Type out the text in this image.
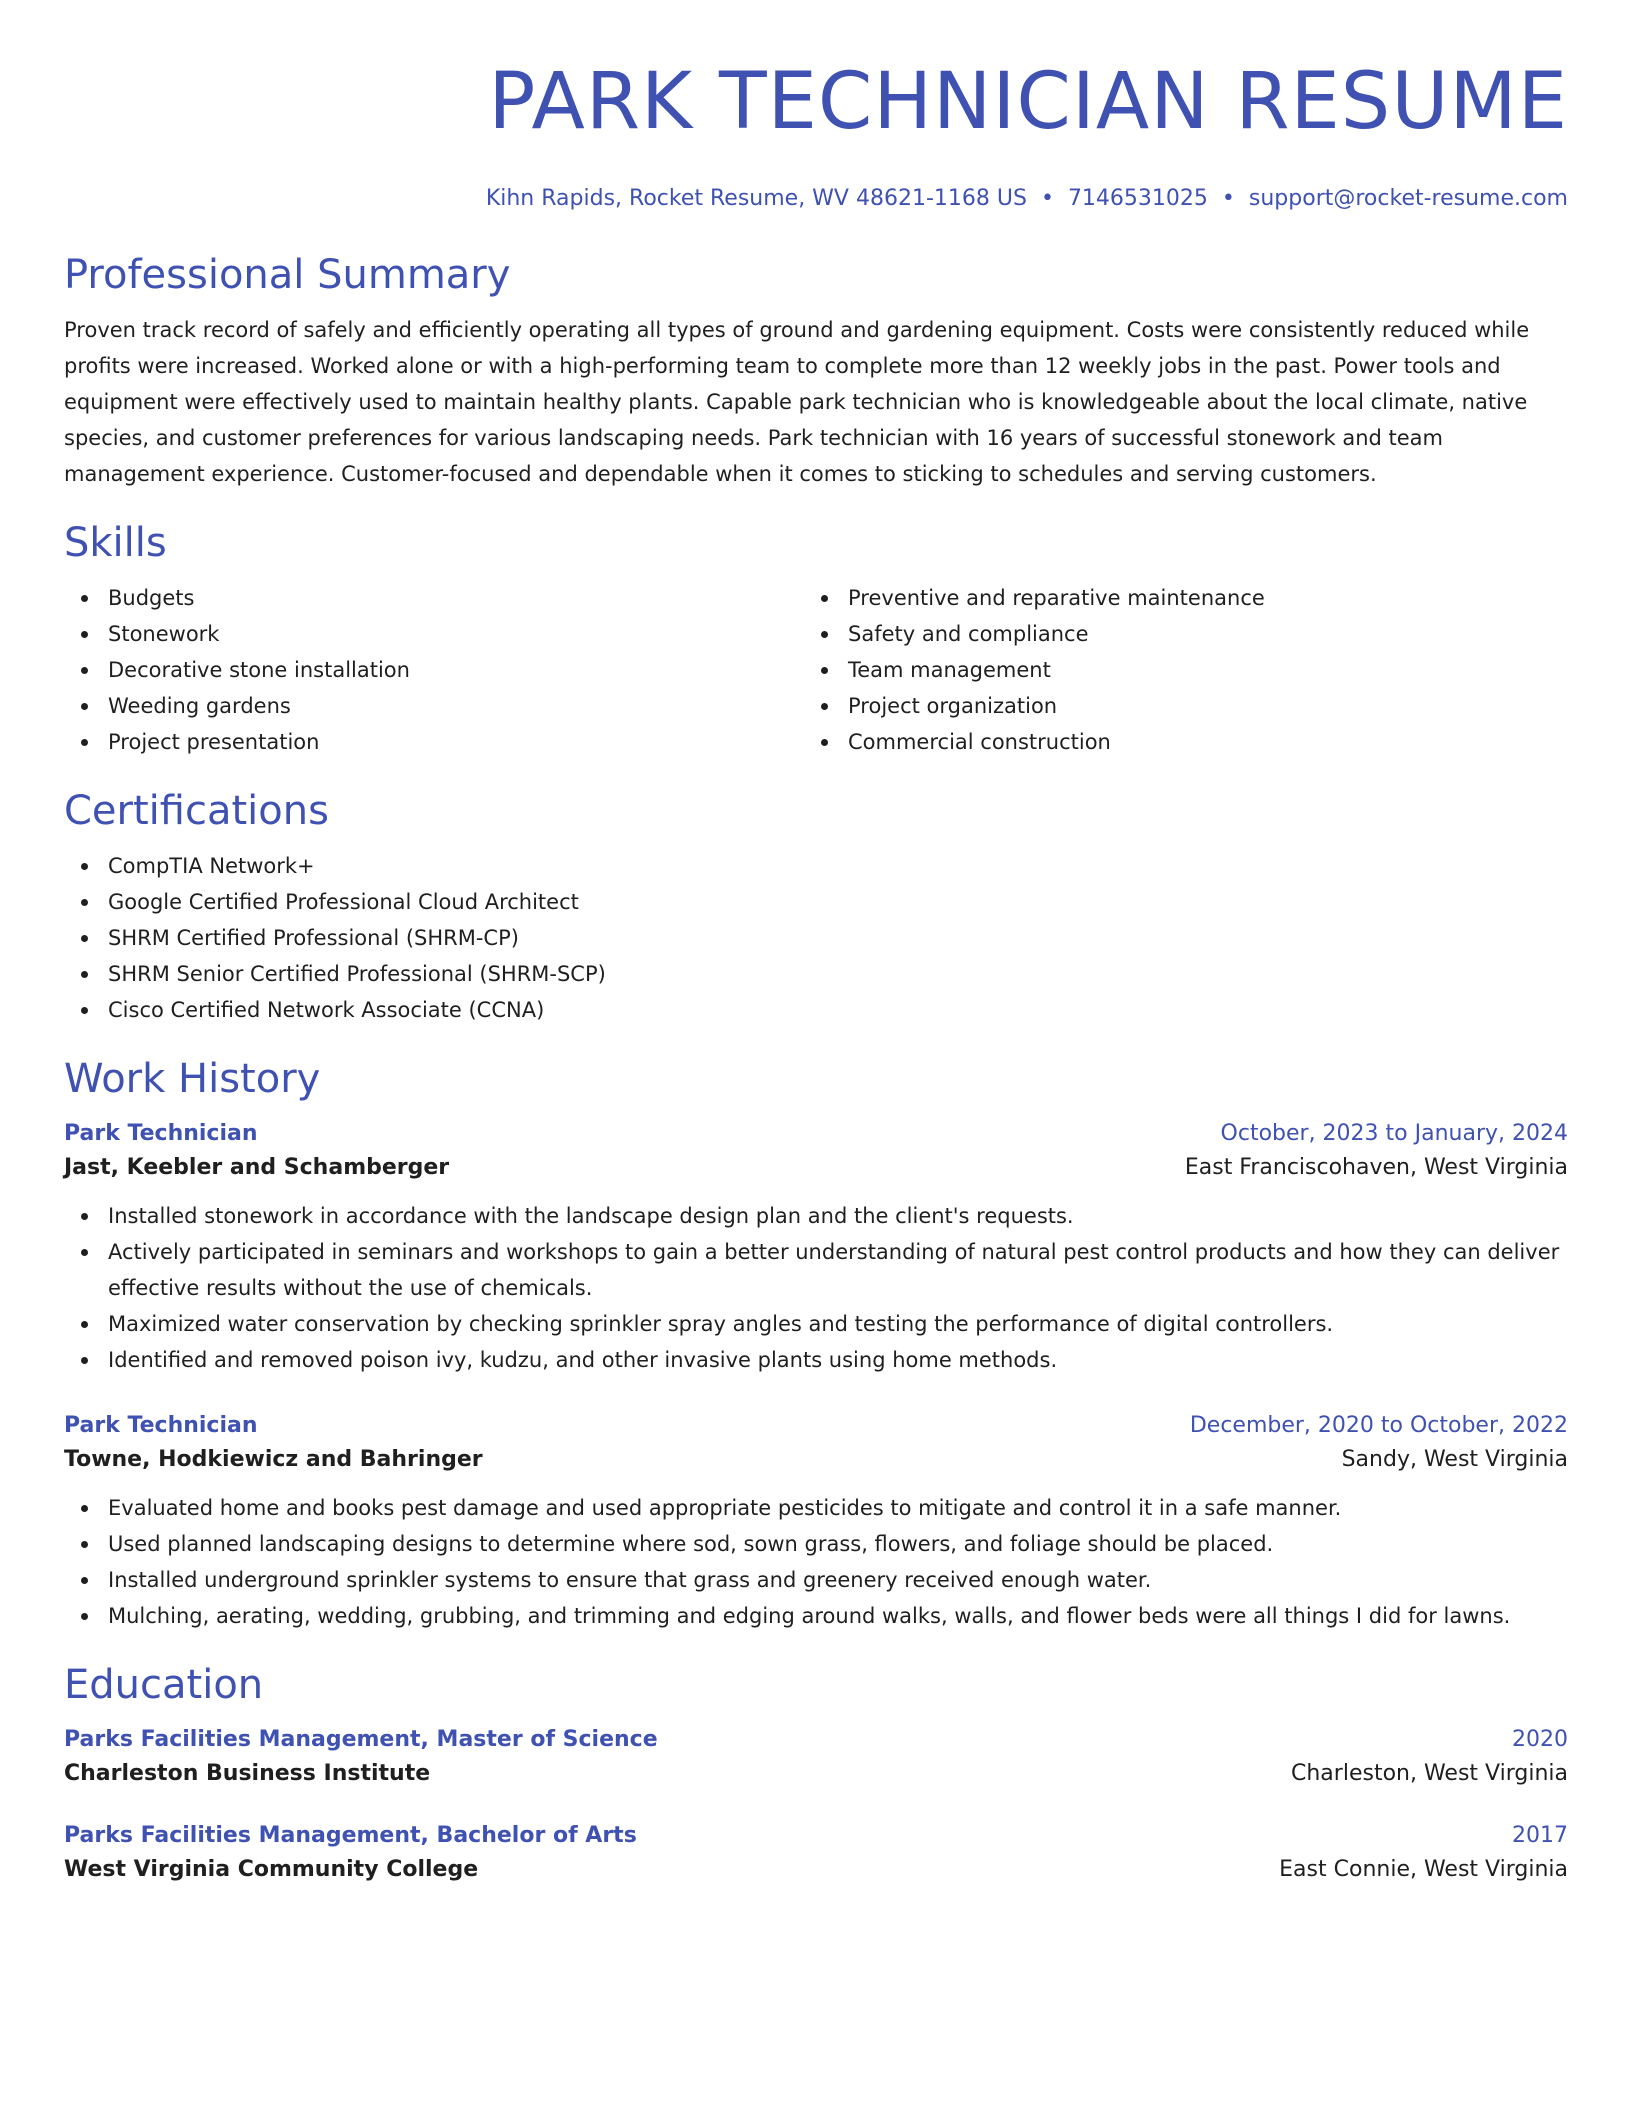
PARK TECHNICIAN RESUME
Kihn Rapids, Rocket Resume, WV 48621-1168 US • 7146531025 • support@rocket-resume.com
Professional Summary

Proven track record of safely and efficiently operating all types of ground and gardening equipment. Costs were consistently reduced while profits were increased. Worked alone or with a high-performing team to complete more than 12 weekly jobs in the past. Power tools and equipment were effectively used to maintain healthy plants. Capable park technician who is knowledgeable about the local climate, native species, and customer preferences for various landscaping needs. Park technician with 16 years of successful stonework and team management experience. Customer-focused and dependable when it comes to sticking to schedules and serving customers.

Skills
Budgets
Stonework
Decorative stone installation
Weeding gardens
Project presentation
Preventive and reparative maintenance
Safety and compliance
Team management
Project organization
Commercial construction
Certifications
CompTIA Network+
Google Certified Professional Cloud Architect
SHRM Certified Professional (SHRM-CP)
SHRM Senior Certified Professional (SHRM-SCP)
Cisco Certified Network Associate (CCNA)
Work History
Park Technician	October, 2023 to January, 2024
Jast, Keebler and Schamberger	East Franciscohaven, West Virginia
Installed stonework in accordance with the landscape design plan and the client's requests.
Actively participated in seminars and workshops to gain a better understanding of natural pest control products and how they can deliver effective results without the use of chemicals.
Maximized water conservation by checking sprinkler spray angles and testing the performance of digital controllers.
Identified and removed poison ivy, kudzu, and other invasive plants using home methods.
Park Technician	December, 2020 to October, 2022
Towne, Hodkiewicz and Bahringer	Sandy, West Virginia
Evaluated home and books pest damage and used appropriate pesticides to mitigate and control it in a safe manner.
Used planned landscaping designs to determine where sod, sown grass, flowers, and foliage should be placed.
Installed underground sprinkler systems to ensure that grass and greenery received enough water.
Mulching, aerating, wedding, grubbing, and trimming and edging around walks, walls, and flower beds were all things I did for lawns.
Education
Parks Facilities Management, Master of Science	2020
Charleston Business Institute	Charleston, West Virginia
Parks Facilities Management, Bachelor of Arts	2017
West Virginia Community College	East Connie, West Virginia
